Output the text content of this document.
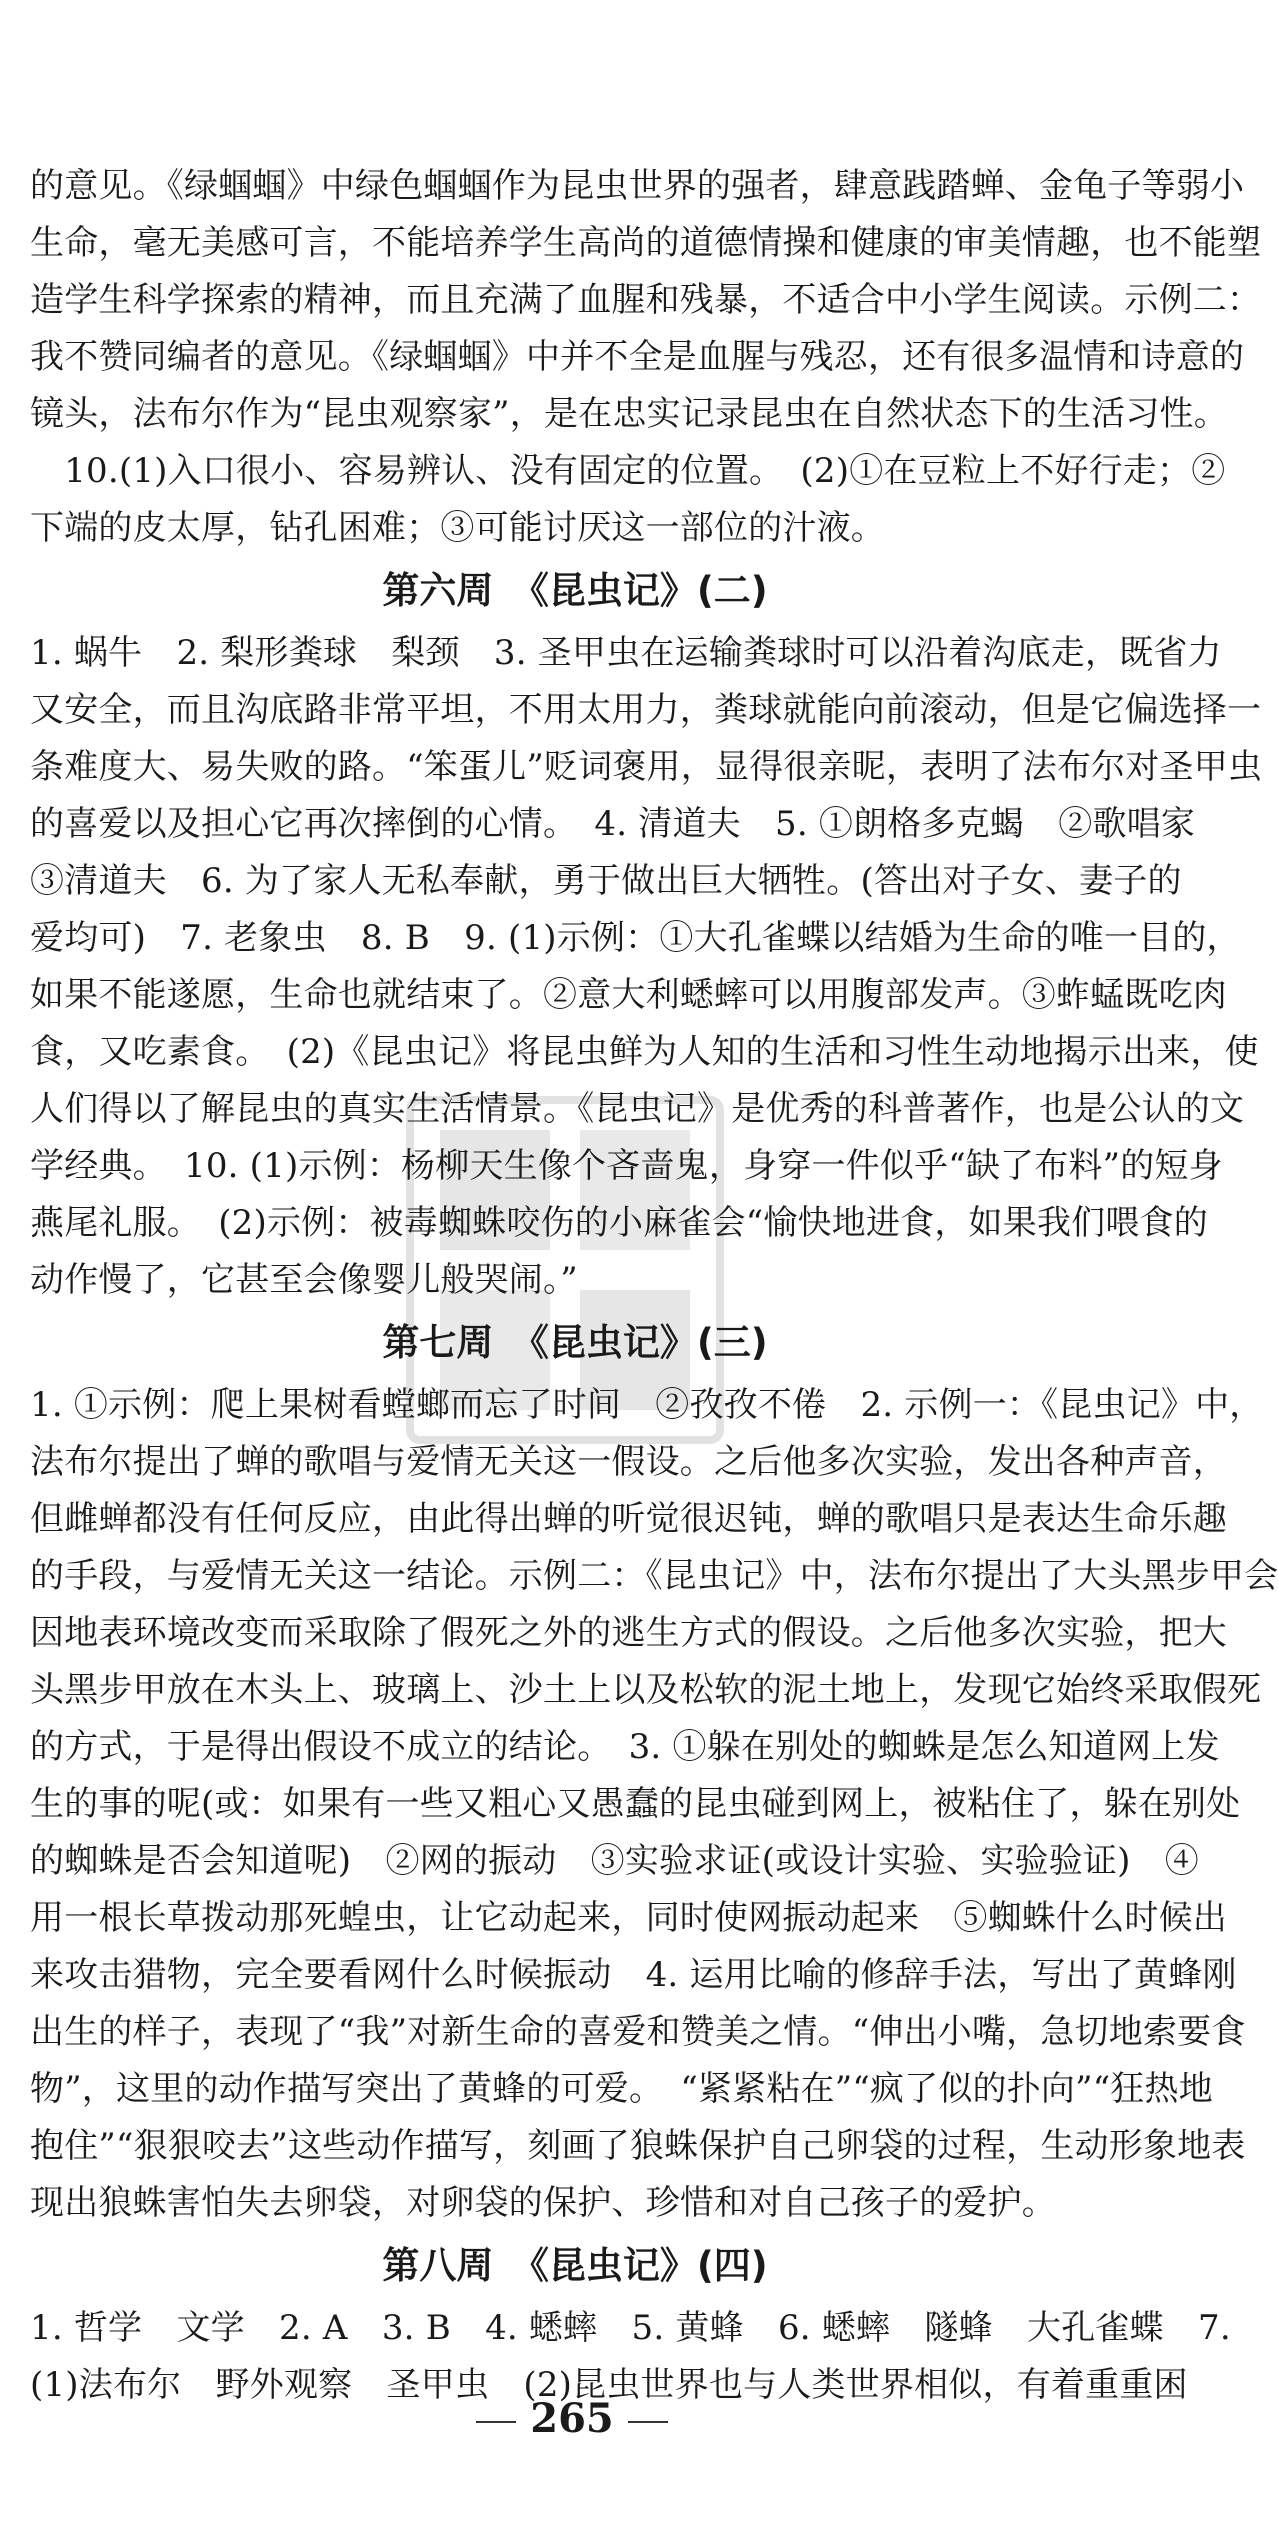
的意见。《绿蝈蝈》中绿色蝈蝈作为昆虫世界的强者，肆意践踏蝉、金龟子等弱小
生命，毫无美感可言，不能培养学生高尚的道德情操和健康的审美情趣，也不能塑
造学生科学探索的精神，而且充满了血腥和残暴，不适合中小学生阅读。示例二：
我不赞同编者的意见。《绿蝈蝈》中并不全是血腥与残忍，还有很多温情和诗意的
镜头，法布尔作为“昆虫观察家”，是在忠实记录昆虫在自然状态下的生活习性。
　10.(1)入口很小、容易辨认、没有固定的位置。　(2)①在豆粒上不好行走；②
下端的皮太厚，钻孔困难；③可能讨厌这一部位的汁液。
第六周　《昆虫记》(二)
1. 蜗牛　2. 梨形粪球　梨颈　3. 圣甲虫在运输粪球时可以沿着沟底走，既省力
又安全，而且沟底路非常平坦，不用太用力，粪球就能向前滚动，但是它偏选择一
条难度大、易失败的路。“笨蛋儿”贬词褒用，显得很亲昵，表明了法布尔对圣甲虫
的喜爱以及担心它再次摔倒的心情。　4. 清道夫　5. ①朗格多克蝎　②歌唱家
③清道夫　6. 为了家人无私奉献，勇于做出巨大牺牲。(答出对子女、妻子的
爱均可)　7. 老象虫　8. B　9. (1)示例：①大孔雀蝶以结婚为生命的唯一目的，
如果不能遂愿，生命也就结束了。②意大利蟋蟀可以用腹部发声。③蚱蜢既吃肉
食，又吃素食。　(2)《昆虫记》将昆虫鲜为人知的生活和习性生动地揭示出来，使
人们得以了解昆虫的真实生活情景。《昆虫记》是优秀的科普著作，也是公认的文
学经典。　10. (1)示例：杨柳天生像个吝啬鬼，身穿一件似乎“缺了布料”的短身
燕尾礼服。　(2)示例：被毒蜘蛛咬伤的小麻雀会“愉快地进食，如果我们喂食的
动作慢了，它甚至会像婴儿般哭闹。”
第七周　《昆虫记》(三)
1. ①示例：爬上果树看螳螂而忘了时间　②孜孜不倦　2. 示例一：《昆虫记》中，
法布尔提出了蝉的歌唱与爱情无关这一假设。之后他多次实验，发出各种声音，
但雌蝉都没有任何反应，由此得出蝉的听觉很迟钝，蝉的歌唱只是表达生命乐趣
的手段，与爱情无关这一结论。示例二：《昆虫记》中，法布尔提出了大头黑步甲会
因地表环境改变而采取除了假死之外的逃生方式的假设。之后他多次实验，把大
头黑步甲放在木头上、玻璃上、沙土上以及松软的泥土地上，发现它始终采取假死
的方式，于是得出假设不成立的结论。　3. ①躲在别处的蜘蛛是怎么知道网上发
生的事的呢(或：如果有一些又粗心又愚蠢的昆虫碰到网上，被粘住了，躲在别处
的蜘蛛是否会知道呢)　②网的振动　③实验求证(或设计实验、实验验证)　④
用一根长草拨动那死蝗虫，让它动起来，同时使网振动起来　⑤蜘蛛什么时候出
来攻击猎物，完全要看网什么时候振动　4. 运用比喻的修辞手法，写出了黄蜂刚
出生的样子，表现了“我”对新生命的喜爱和赞美之情。“伸出小嘴，急切地索要食
物”，这里的动作描写突出了黄蜂的可爱。　“紧紧粘在”“疯了似的扑向”“狂热地
抱住”“狠狠咬去”这些动作描写，刻画了狼蛛保护自己卵袋的过程，生动形象地表
现出狼蛛害怕失去卵袋，对卵袋的保护、珍惜和对自己孩子的爱护。
第八周　《昆虫记》(四)
1. 哲学　文学　2. A　3. B　4. 蟋蟀　5. 黄蜂　6. 蟋蟀　隧蜂　大孔雀蝶　7.
(1)法布尔　野外观察　圣甲虫　(2)昆虫世界也与人类世界相似，有着重重困
265
